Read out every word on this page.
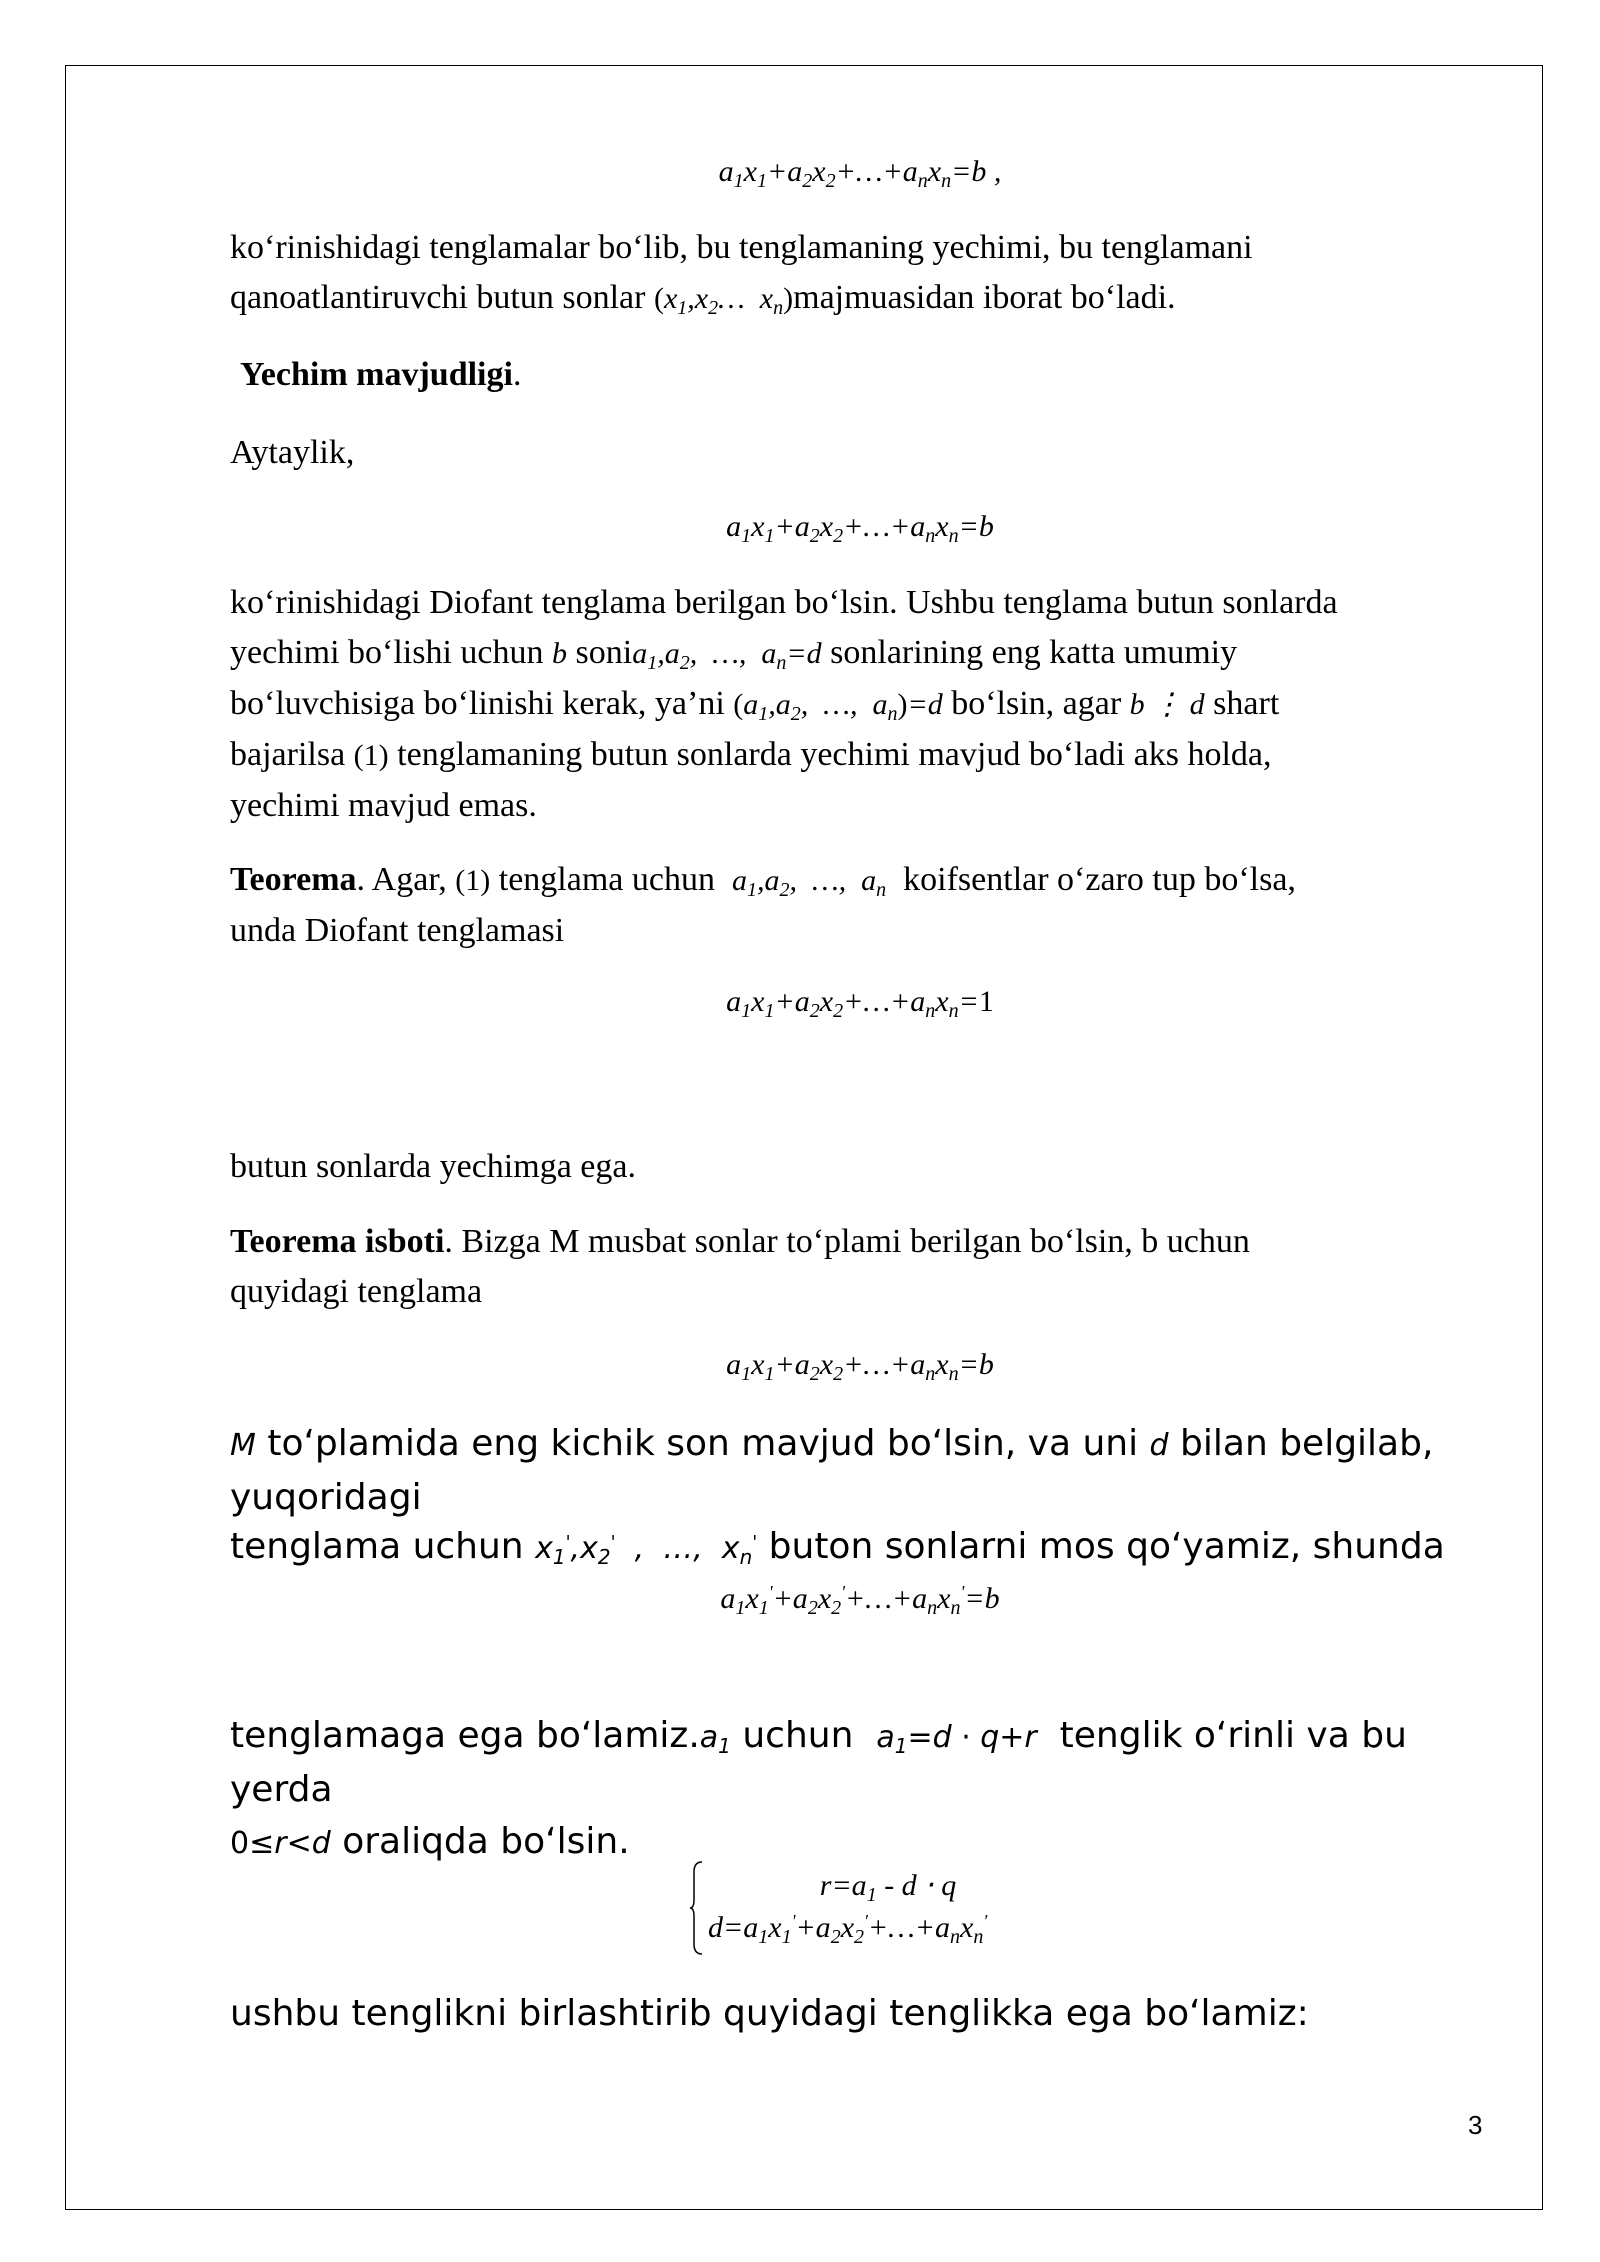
$a_1x_1+a_2x_2+\dots+a_nx_n=b$ ,

ko‘rinishidagi tenglamalar bo‘lib, bu tenglamaning yechimi, bu tenglamani
qanoatlantiruvchi butun sonlar ($x_1,x_2\dots$  $x_n)majmuasidan$ iborat bo‘ladi.

Yechim mavjudligi.

Aytaylik,

$a_1x_1+a_2x_2+\dots+a_nx_n=b$

ko‘rinishidagi Diofant tenglama berilgan bo‘lsin. Ushbu tenglama butun sonlarda
yechimi bo‘lishi uchun b $sonia_1,a_2$,  …,  $a_n=d$ sonlarining eng katta umumiy
bo‘luvchisiga bo‘linishi kerak, ya’ni ($a_1,a_2$,  …,  $a_n)=d$ bo‘lsin, agar b ⋮ d shart
bajarilsa (1) tenglamaning butun sonlarda yechimi mavjud bo‘ladi aks holda,
yechimi mavjud emas.

Teorema. Agar, (1) tenglama uchun  $a_1,a_2$,  …,  $a_n$  koifsentlar o‘zaro tup bo‘lsa,
unda Diofant tenglamasi

$a_1x_1+a_2x_2+\dots+a_nx_n=1$

butun sonlarda yechimga ega.

Teorema isboti. Bizga M musbat sonlar to‘plami berilgan bo‘lsin, b uchun
quyidagi tenglama

$a_1x_1+a_2x_2+\dots+a_nx_n=b$

M to‘plamida eng kichik son mavjud bo‘lsin, va uni d bilan belgilab,
yuqoridagi

tenglama uchun $x_1',x_2'$  ,  …,  $x_n'$ buton sonlarni mos qo‘yamiz, shunda

$a_1x_1'+a_2x_2'+\dots+a_nx_n'=b$

tenglamaga ega $bo‘lamiz.a_1$ uchun  $a_1=d \cdot q+r$  tenglik o‘rinli va bu yerda
0≤r<d oraliqda bo‘lsin.

ushbu tenglikni birlashtirib quyidagi tenglikka ega bo‘lamiz:

$r=a_1 - d \cdot q$
$d=a_1x_1'+a_2x_2'+\dots+a_nx_n'$
3
